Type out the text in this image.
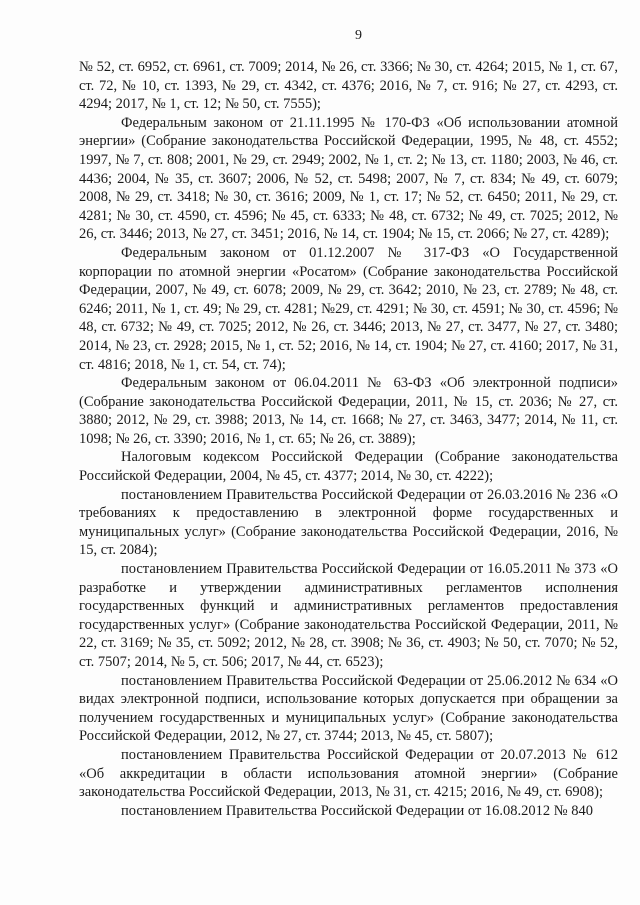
9

№ 52, ст. 6952, ст. 6961, ст. 7009; 2014, № 26, ст. 3366; № 30, ст. 4264; 2015, № 1, ст. 67, ст. 72, № 10, ст. 1393, № 29, ст. 4342, ст. 4376; 2016, № 7, ст. 916; № 27, ст. 4293, ст. 4294; 2017, № 1, ст. 12; № 50, ст. 7555);

Федеральным законом от 21.11.1995 № 170-ФЗ «Об использовании атомной энергии» (Собрание законодательства Российской Федерации, 1995, № 48, ст. 4552; 1997, № 7, ст. 808; 2001, № 29, ст. 2949; 2002, № 1, ст. 2; № 13, ст. 1180; 2003, № 46, ст. 4436; 2004, № 35, ст. 3607; 2006, № 52, ст. 5498; 2007, № 7, ст. 834; № 49, ст. 6079; 2008, № 29, ст. 3418; № 30, ст. 3616; 2009, № 1, ст. 17; № 52, ст. 6450; 2011, № 29, ст. 4281; № 30, ст. 4590, ст. 4596; № 45, ст. 6333; № 48, ст. 6732; № 49, ст. 7025; 2012, № 26, ст. 3446; 2013, № 27, ст. 3451; 2016, № 14, ст. 1904; № 15, ст. 2066; № 27, ст. 4289);

Федеральным законом от 01.12.2007 № 317-ФЗ «О Государственной корпорации по атомной энергии «Росатом» (Собрание законодательства Российской Федерации, 2007, № 49, ст. 6078; 2009, № 29, ст. 3642; 2010, № 23, ст. 2789; № 48, ст. 6246; 2011, № 1, ст. 49; № 29, ст. 4281; №29, ст. 4291; № 30, ст. 4591; № 30, ст. 4596; № 48, ст. 6732; № 49, ст. 7025; 2012, № 26, ст. 3446; 2013, № 27, ст. 3477, № 27, ст. 3480; 2014, № 23, ст. 2928; 2015, № 1, ст. 52; 2016, № 14, ст. 1904; № 27, ст. 4160; 2017, № 31, ст. 4816; 2018, № 1, ст. 54, ст. 74);

Федеральным законом от 06.04.2011 № 63-ФЗ «Об электронной подписи» (Собрание законодательства Российской Федерации, 2011, № 15, ст. 2036; № 27, ст. 3880; 2012, № 29, ст. 3988; 2013, № 14, ст. 1668; № 27, ст. 3463, 3477; 2014, № 11, ст. 1098; № 26, ст. 3390; 2016, № 1, ст. 65; № 26, ст. 3889);

Налоговым кодексом Российской Федерации (Собрание законодательства Российской Федерации, 2004, № 45, ст. 4377; 2014, № 30, ст. 4222);

постановлением Правительства Российской Федерации от 26.03.2016 № 236 «О требованиях к предоставлению в электронной форме государственных и муниципальных услуг» (Собрание законодательства Российской Федерации, 2016, № 15, ст. 2084);

постановлением Правительства Российской Федерации от 16.05.2011 № 373 «О разработке и утверждении административных регламентов исполнения государственных функций и административных регламентов предоставления государственных услуг» (Собрание законодательства Российской Федерации, 2011, № 22, ст. 3169; № 35, ст. 5092; 2012, № 28, ст. 3908; № 36, ст. 4903; № 50, ст. 7070; № 52, ст. 7507; 2014, № 5, ст. 506; 2017, № 44, ст. 6523);

постановлением Правительства Российской Федерации от 25.06.2012 № 634 «О видах электронной подписи, использование которых допускается при обращении за получением государственных и муниципальных услуг» (Собрание законодательства Российской Федерации, 2012, № 27, ст. 3744; 2013, № 45, ст. 5807);

постановлением Правительства Российской Федерации от 20.07.2013 № 612 «Об аккредитации в области использования атомной энергии» (Собрание законодательства Российской Федерации, 2013, № 31, ст. 4215; 2016, № 49, ст. 6908);

постановлением Правительства Российской Федерации от 16.08.2012 № 840
